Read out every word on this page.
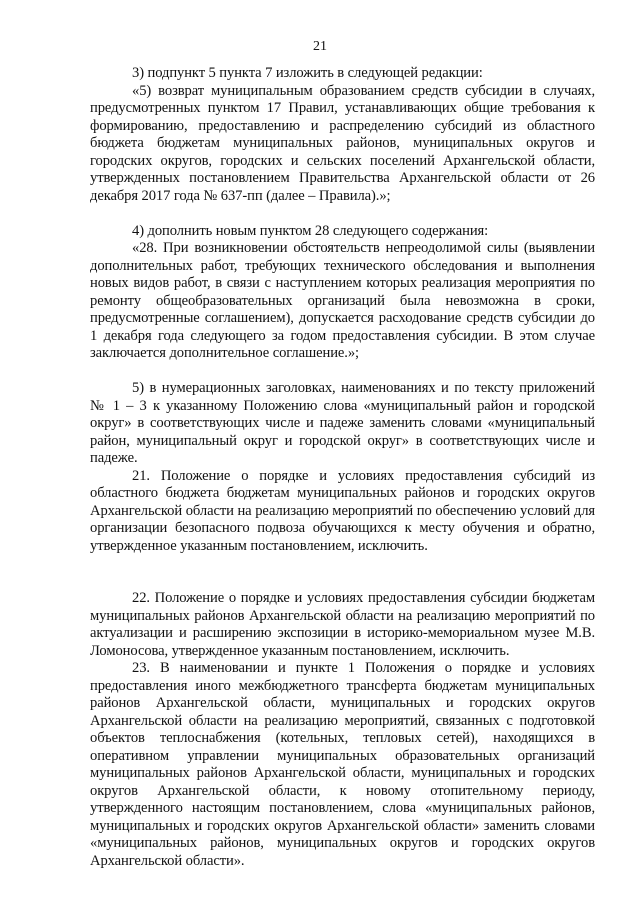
21

3) подпункт 5 пункта 7 изложить в следующей редакции:

«5) возврат муниципальным образованием средств субсидии в случаях, предусмотренных пунктом 17 Правил, устанавливающих общие требования к формированию, предоставлению и распределению субсидий из областного бюджета бюджетам муниципальных районов, муниципальных округов и городских округов, городских и сельских поселений Архангельской области, утвержденных постановлением Правительства Архангельской области от 26 декабря 2017 года № 637-пп (далее – Правила).»;

4) дополнить новым пунктом 28 следующего содержания:

«28. При возникновении обстоятельств непреодолимой силы (выявлении дополнительных работ, требующих технического обследования и выполнения новых видов работ, в связи с наступлением которых реализация мероприятия по ремонту общеобразовательных организаций была невозможна в сроки, предусмотренные соглашением), допускается расходование средств субсидии до 1 декабря года следующего за годом предоставления субсидии. В этом случае заключается дополнительное соглашение.»;

5) в нумерационных заголовках, наименованиях и по тексту приложений № 1 – 3 к указанному Положению слова «муниципальный район и городской округ» в соответствующих числе и падеже заменить словами «муниципальный район, муниципальный округ и городской округ» в соответствующих числе и падеже.

21. Положение о порядке и условиях предоставления субсидий из областного бюджета бюджетам муниципальных районов и городских округов Архангельской области на реализацию мероприятий по обеспечению условий для организации безопасного подвоза обучающихся к месту обучения и обратно, утвержденное указанным постановлением, исключить.

22. Положение о порядке и условиях предоставления субсидии бюджетам муниципальных районов Архангельской области на реализацию мероприятий по актуализации и расширению экспозиции в историко-мемориальном музее М.В. Ломоносова, утвержденное указанным постановлением, исключить.

23. В наименовании и пункте 1 Положения о порядке и условиях предоставления иного межбюджетного трансферта бюджетам муниципальных районов Архангельской области, муниципальных и городских округов Архангельской области на реализацию мероприятий, связанных с подготовкой объектов теплоснабжения (котельных, тепловых сетей), находящихся в оперативном управлении муниципальных образовательных организаций муниципальных районов Архангельской области, муниципальных и городских округов Архангельской области, к новому отопительному периоду, утвержденного настоящим постановлением, слова «муниципальных районов, муниципальных и городских округов Архангельской области» заменить словами «муниципальных районов, муниципальных округов и городских округов Архангельской области».
